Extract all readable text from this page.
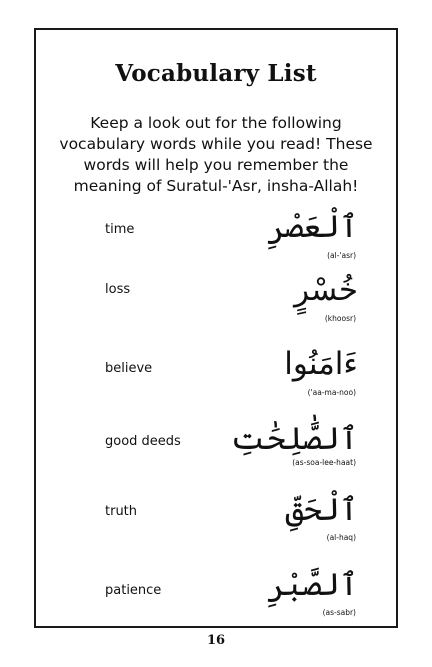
Vocabulary List
Keep a look out for the following vocabulary words while you read! These words will help you remember the meaning of Suratul-'Asr, insha-Allah!
time	ٱلْعَصْرِ
(al-'asr)
loss	خُسْرٍ
(khoosr)
believe	ءَامَنُوا
('aa-ma-noo)
good deeds ٱلصَّٰلِحَٰتِ
(as-soa-lee-haat)
truth	ٱلْحَقِّ
(al-haq)
patience	ٱلصَّبْرِ
(as-sabr)
16
